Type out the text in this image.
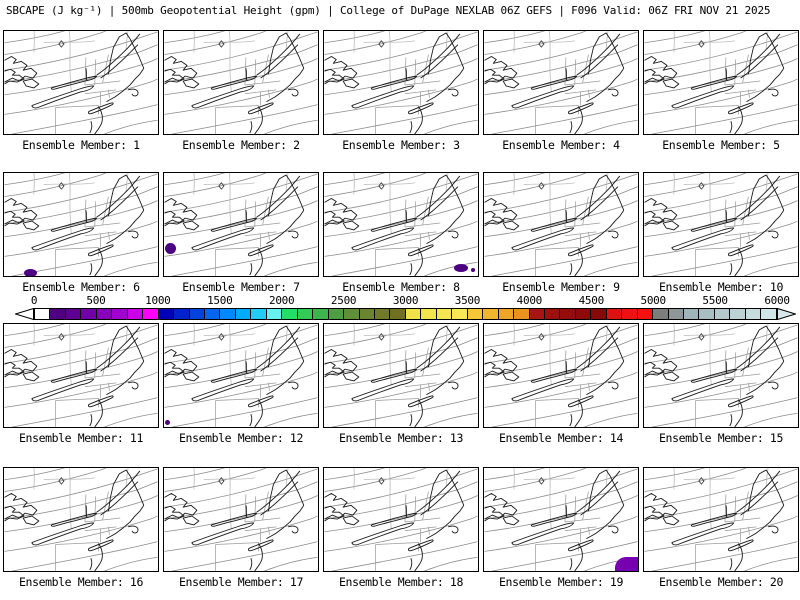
SBCAPE (J kg⁻¹) | 500mb Geopotential Height (gpm) | College of DuPage NEXLAB 06Z GEFS | F096 Valid: 06Z FRI NOV 21 2025
Ensemble Member: 1	Ensemble Member: 2	Ensemble Member: 3	Ensemble Member: 4	Ensemble Member: 5
Ensemble Member: 6	Ensemble Member: 7	Ensemble Member: 8	Ensemble Member: 9	Ensemble Member: 10
0	500	1000	1500	2000	2500	3000	3500	4000	4500	5000	5500	6000
Ensemble Member: 11	Ensemble Member: 12	Ensemble Member: 13	Ensemble Member: 14	Ensemble Member: 15
Ensemble Member: 16	Ensemble Member: 17	Ensemble Member: 18	Ensemble Member: 19	Ensemble Member: 20
